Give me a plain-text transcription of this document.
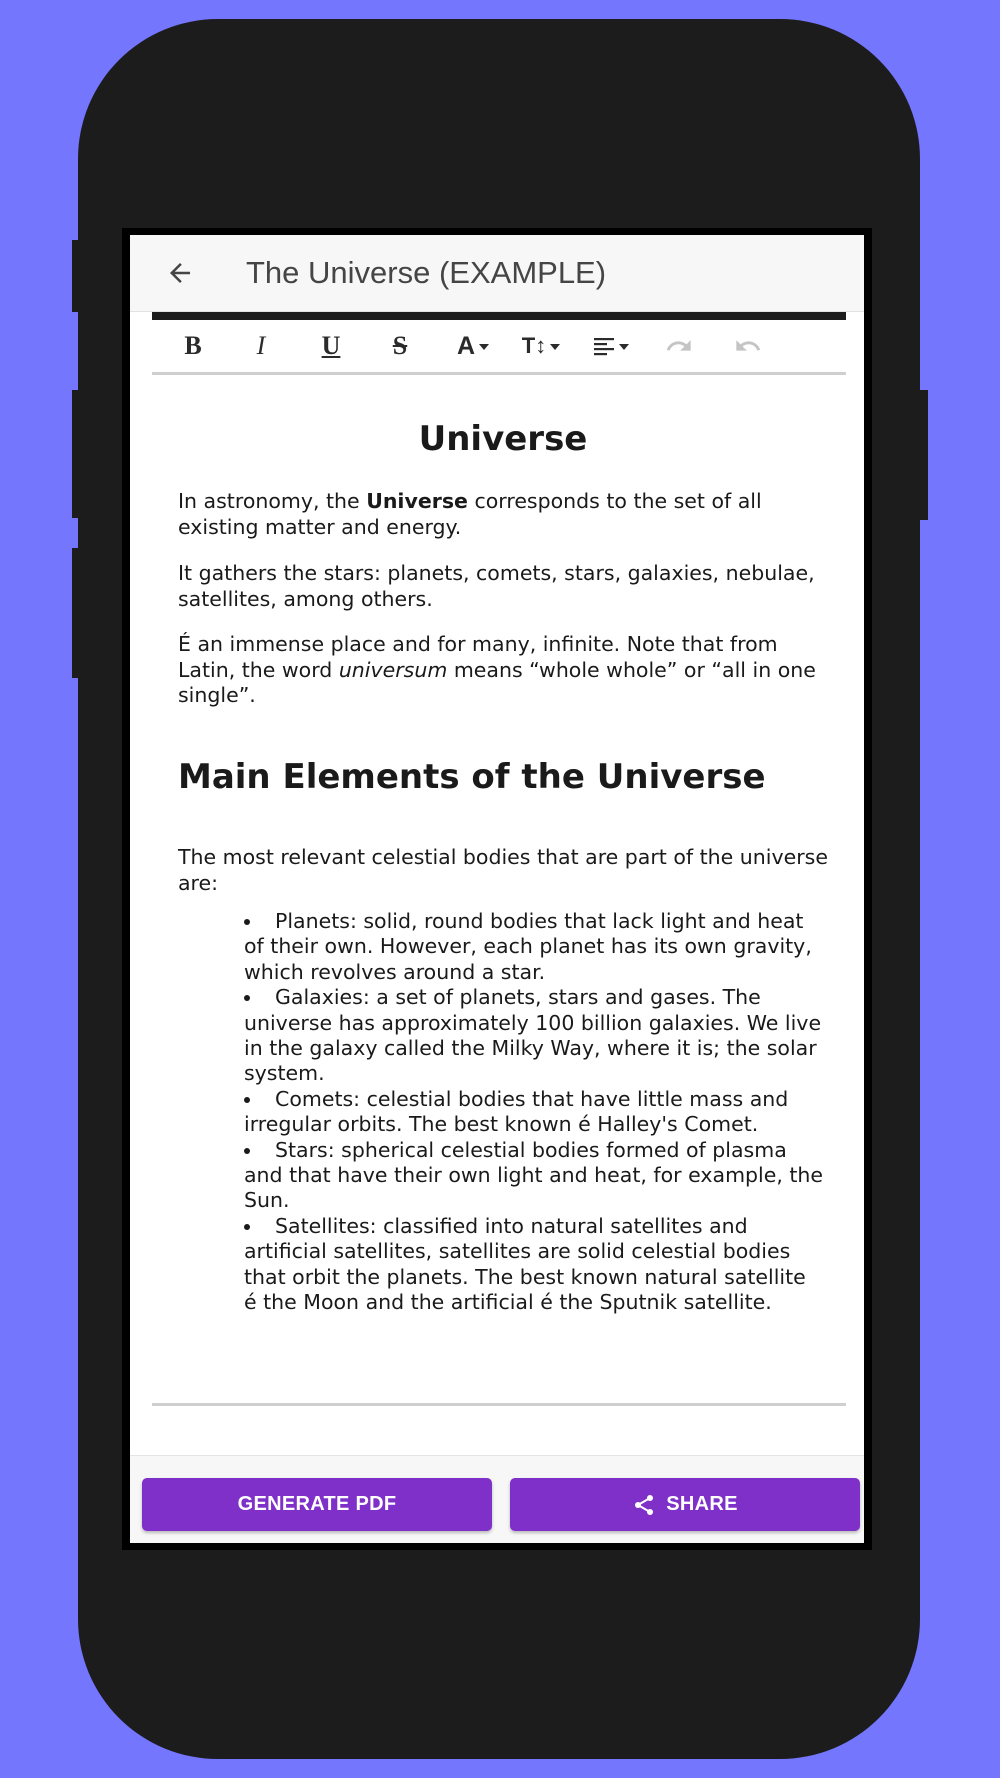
The Universe (EXAMPLE)
B I U S A T↕
Universe

In astronomy, the Universe corresponds to the set of all existing matter and energy.

It gathers the stars: planets, comets, stars, galaxies, nebulae, satellites, among others.

É an immense place and for many, infinite. Note that from Latin, the word universum means “whole whole” or “all in one single”.

Main Elements of the Universe

The most relevant celestial bodies that are part of the universe are:

Planets: solid, round bodies that lack light and heat of their own. However, each planet has its own gravity, which revolves around a star.
Galaxies: a set of planets, stars and gases. The universe has approximately 100 billion galaxies. We live in the galaxy called the Milky Way, where it is; the solar system.
Comets: celestial bodies that have little mass and irregular orbits. The best known é Halley's Comet.
Stars: spherical celestial bodies formed of plasma and that have their own light and heat, for example, the Sun.
Satellites: classified into natural satellites and artificial satellites, satellites are solid celestial bodies that orbit the planets. The best known natural satellite é the Moon and the artificial é the Sputnik satellite.
GENERATE PDF	SHARE
